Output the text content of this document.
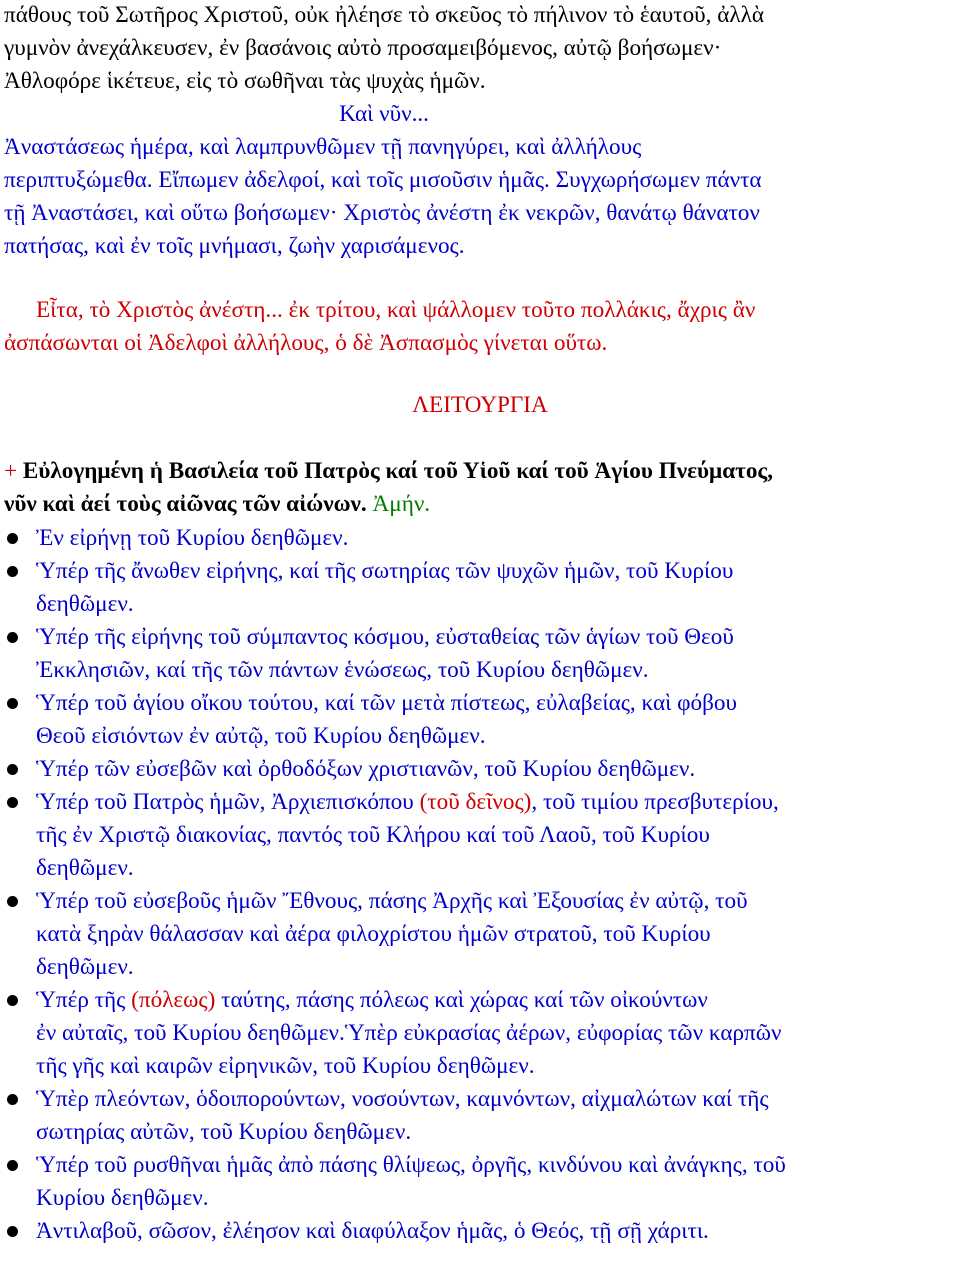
πάθους τοῦ Σωτῆρος Χριστοῦ, οὐκ ἠλέησε τὸ σκεῦος τὸ πήλινον τὸ ἑαυτοῦ, ἀλλὰ
γυμνὸν ἀνεχάλκευσεν, ἐν βασάνοις αὐτὸ προσαμειβόμενος, αὐτῷ βοήσωμεν·
Ἀθλοφόρε ἱκέτευε, εἰς τὸ σωθῆναι τὰς ψυχὰς ἡμῶν.
Καὶ νῦν...
Ἀναστάσεως ἡμέρα, καὶ λαμπρυνθῶμεν τῇ πανηγύρει, καὶ ἀλλήλους
περιπτυξώμεθα. Εἴπωμεν ἀδελφοί, καὶ τοῖς μισοῦσιν ἡμᾶς. Συγχωρήσωμεν πάντα
τῇ Ἀναστάσει, καὶ οὕτω βοήσωμεν· Χριστὸς ἀνέστη ἐκ νεκρῶν, θανάτῳ θάνατον
πατήσας, καὶ ἐν τοῖς μνήμασι, ζωὴν χαρισάμενος.
Εἶτα, τὸ Χριστὸς ἀνέστη... ἐκ τρίτου, καὶ ψάλλομεν τοῦτο πολλάκις, ἄχρις ἂν
ἀσπάσωνται οἱ Ἀδελφοὶ ἀλλήλους, ὁ δὲ Ἀσπασμὸς γίνεται οὕτω.
ΛΕΙΤΟΥΡΓΙΑ
+ Εὐλογημένη ἡ Βασιλεία τοῦ Πατρὸς καί τοῦ Υἱοῦ καί τοῦ Ἁγίου Πνεύματος,
νῦν καὶ ἀεί τοὺς αἰῶνας τῶν αἰώνων. Ἀμήν.
Ἐν εἰρήνῃ τοῦ Κυρίου δεηθῶμεν.
Ὑπέρ τῆς ἄνωθεν εἰρήνης, καί τῆς σωτηρίας τῶν ψυχῶν ἡμῶν, τοῦ Κυρίου
δεηθῶμεν.
Ὑπέρ τῆς εἰρήνης τοῦ σύμπαντος κόσμου, εὐσταθείας τῶν ἁγίων τοῦ Θεοῦ
Ἐκκλησιῶν, καί τῆς τῶν πάντων ἑνώσεως, τοῦ Κυρίου δεηθῶμεν.
Ὑπέρ τοῦ ἁγίου οἴκου τούτου, καί τῶν μετὰ πίστεως, εὐλαβείας, καὶ φόβου
Θεοῦ εἰσιόντων ἐν αὐτῷ, τοῦ Κυρίου δεηθῶμεν.
Ὑπέρ τῶν εὐσεβῶν καὶ ὀρθοδόξων χριστιανῶν, τοῦ Κυρίου δεηθῶμεν.
Ὑπέρ τοῦ Πατρὸς ἡμῶν, Ἀρχιεπισκόπου (τοῦ δεῖνος), τοῦ τιμίου πρεσβυτερίου,
τῆς ἐν Χριστῷ διακονίας, παντός τοῦ Κλήρου καί τοῦ Λαοῦ, τοῦ Κυρίου
δεηθῶμεν.
Ὑπέρ τοῦ εὐσεβοῦς ἡμῶν Ἔθνους, πάσης Ἀρχῆς καὶ Ἐξουσίας ἐν αὐτῷ, τοῦ
κατὰ ξηρὰν θάλασσαν καὶ ἀέρα φιλοχρίστου ἡμῶν στρατοῦ, τοῦ Κυρίου
δεηθῶμεν.
Ὑπέρ τῆς (πόλεως) ταύτης, πάσης πόλεως καὶ χώρας καί τῶν οἰκούντων
ἐν αὐταῖς, τοῦ Κυρίου δεηθῶμεν.Ὑπὲρ εὐκρασίας ἀέρων, εὐφορίας τῶν καρπῶν
τῆς γῆς καὶ καιρῶν εἰρηνικῶν, τοῦ Κυρίου δεηθῶμεν.
Ὑπὲρ πλεόντων, ὁδοιπορούντων, νοσούντων, καμνόντων, αἰχμαλώτων καί τῆς
σωτηρίας αὐτῶν, τοῦ Κυρίου δεηθῶμεν.
Ὑπέρ τοῦ ρυσθῆναι ἡμᾶς ἀπὸ πάσης θλίψεως, ὀργῆς, κινδύνου καὶ ἀνάγκης, τοῦ
Κυρίου δεηθῶμεν.
Ἀντιλαβοῦ, σῶσον, ἐλέησον καὶ διαφύλαξον ἡμᾶς, ὁ Θεός, τῇ σῇ χάριτι.
